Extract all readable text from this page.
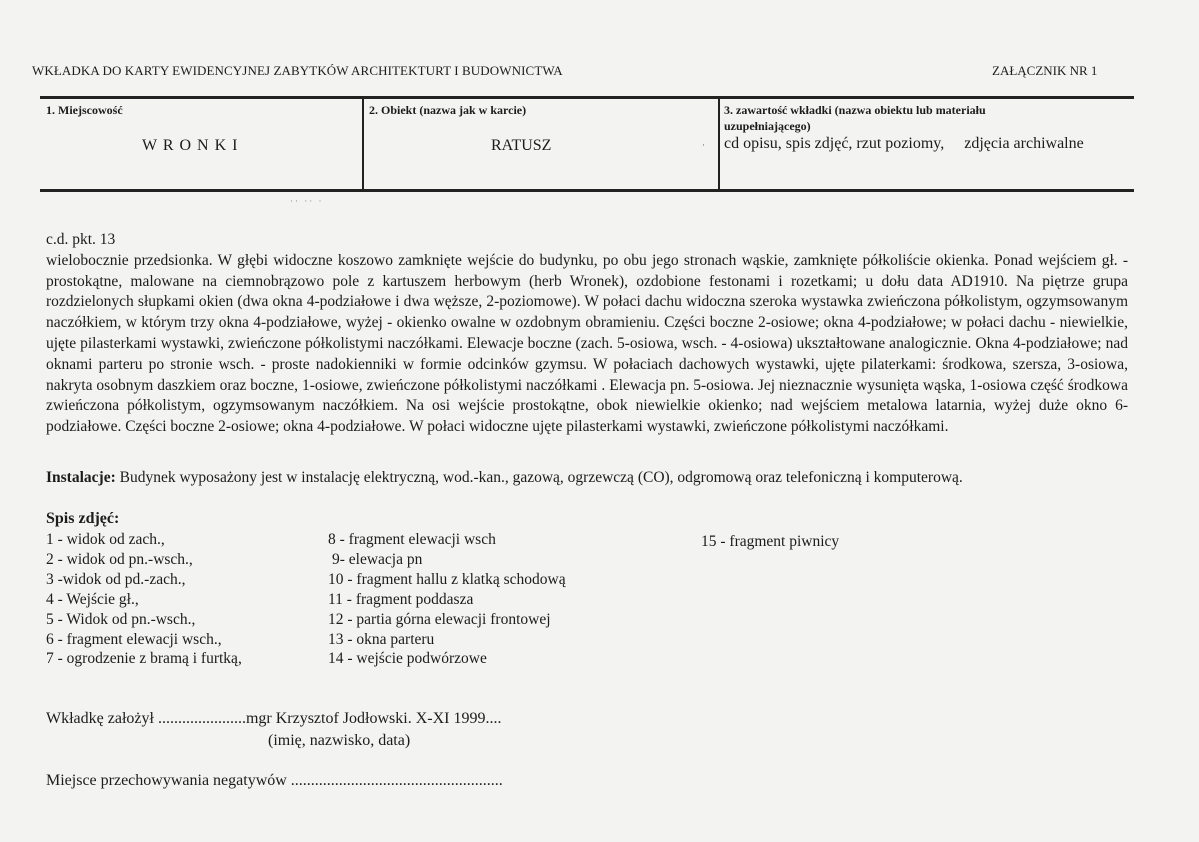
WKŁADKA DO KARTY EWIDENCYJNEJ ZABYTKÓW ARCHITEKTURT I BUDOWNICTWA	ZAŁĄCZNIK NR 1
1. Miejscowość
W R O N K I
2. Obiekt (nazwa jak w karcie)
RATUSZ	·
3. zawartość wkładki (nazwa obiektu lub materiału
uzupełniającego)
cd opisu, spis zdjęć, rzut poziomy,     zdjęcia archiwalne
·· ·· ·
c.d. pkt. 13

wielobocznie przedsionka. W głębi widoczne koszowo zamknięte wejście do budynku, po obu jego stronach wąskie, zamknięte półkoliście okienka. Ponad wejściem gł. - prostokątne, malowane na ciemnobrązowo pole z kartuszem herbowym (herb Wronek), ozdobione festonami i rozetkami; u dołu data AD1910. Na piętrze grupa rozdzielonych słupkami okien (dwa okna 4-podziałowe i dwa węższe, 2-poziomowe). W połaci dachu widoczna szeroka wystawka zwieńczona półkolistym, ogzymsowanym naczółkiem, w którym trzy okna 4-podziałowe, wyżej - okienko owalne w ozdobnym obramieniu. Części boczne 2-osiowe; okna 4-podziałowe; w połaci dachu - niewielkie, ujęte pilasterkami wystawki, zwieńczone półkolistymi naczółkami. Elewacje boczne (zach. 5-osiowa, wsch. - 4-osiowa) ukształtowane analogicznie. Okna 4-podziałowe; nad oknami parteru po stronie wsch. - proste nadokienniki w formie odcinków gzymsu. W połaciach dachowych wystawki, ujęte pilaterkami: środkowa, szersza, 3-osiowa, nakryta osobnym daszkiem oraz boczne, 1-osiowe, zwieńczone półkolistymi naczółkami . Elewacja pn. 5-osiowa. Jej nieznacznie wysunięta wąska, 1-osiowa część środkowa zwieńczona półkolistym, ogzymsowanym naczółkiem. Na osi wejście prostokątne, obok niewielkie okienko; nad wejściem metalowa latarnia, wyżej duże okno 6-podziałowe. Części boczne 2-osiowe; okna 4-podziałowe. W połaci widoczne ujęte pilasterkami wystawki, zwieńczone półkolistymi naczółkami.

Instalacje: Budynek wyposażony jest w instalację elektryczną, wod.-kan., gazową, ogrzewczą (CO), odgromową oraz telefoniczną i komputerową.
Spis zdjęć:
1 - widok od zach.,
2 - widok od pn.-wsch.,
3 -widok od pd.-zach.,
4 - Wejście gł.,
5 - Widok od pn.-wsch.,
6 - fragment elewacji wsch.,
7 - ogrodzenie z bramą i furtką,
8 - fragment elewacji wsch
9- elewacja pn
10 - fragment hallu z klatką schodową
11 - fragment poddasza
12 - partia górna elewacji frontowej
13 - okna parteru
14 - wejście podwórzowe
15 - fragment piwnicy
Wkładkę założył ......................mgr Krzysztof Jodłowski. X-XI 1999....
(imię, nazwisko, data)
Miejsce przechowywania negatywów .....................................................
